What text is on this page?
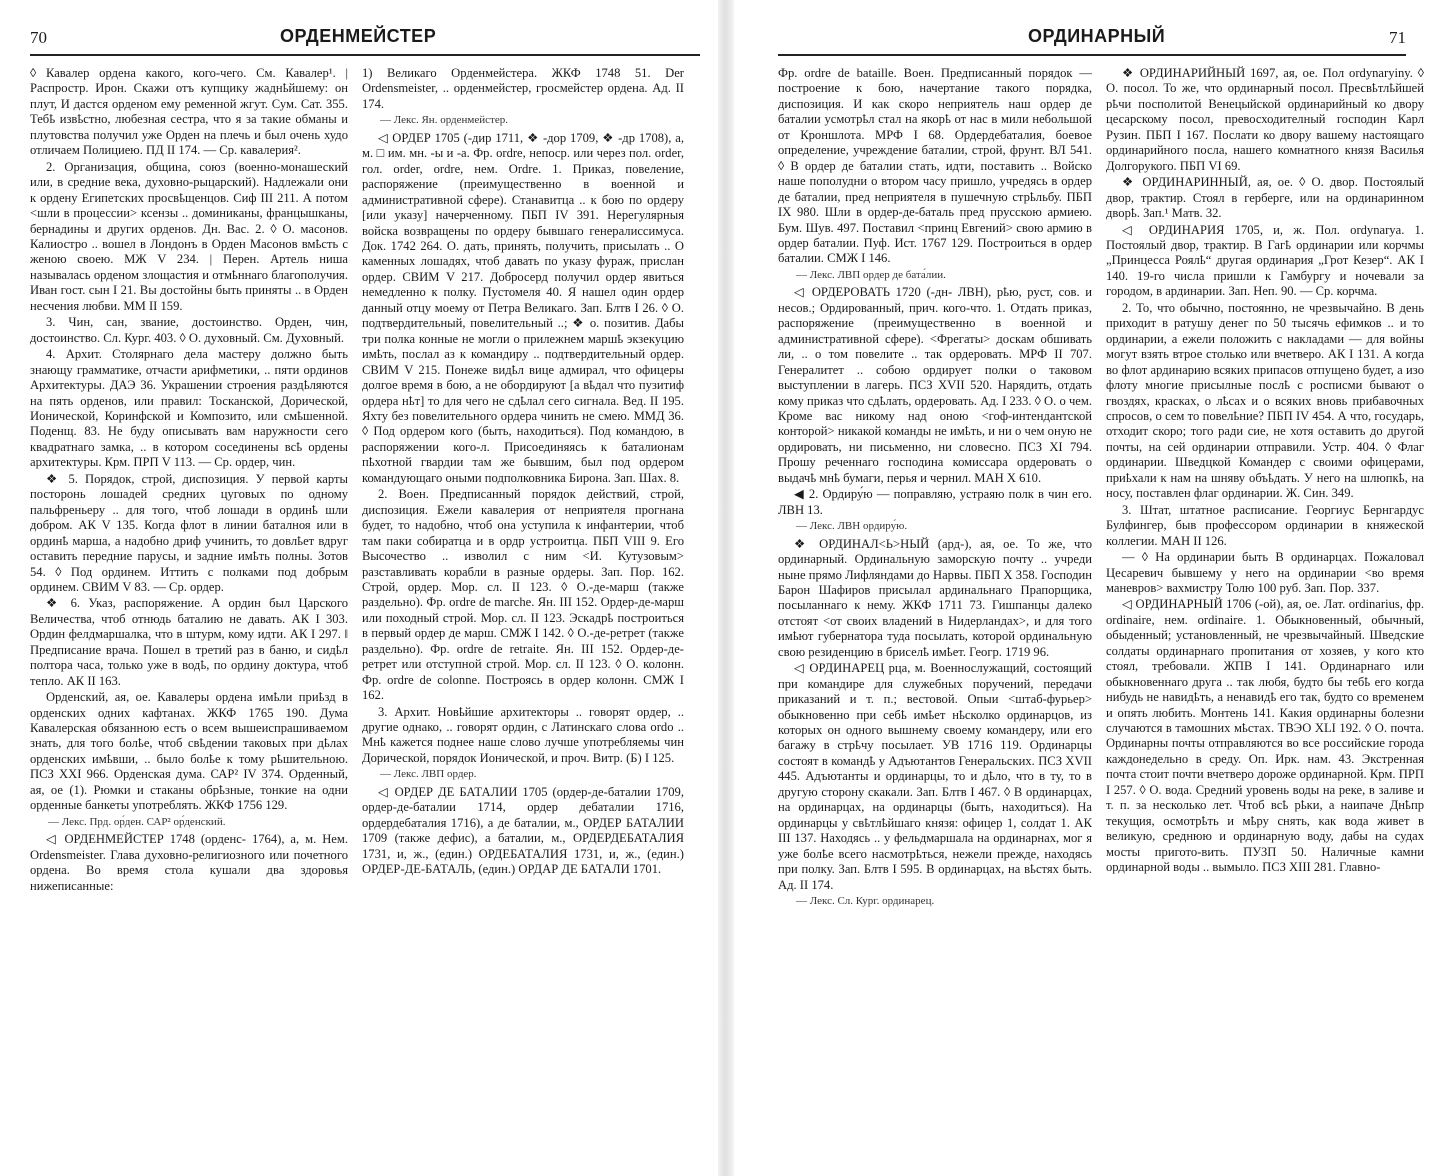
70	ОРДЕНМЕЙСТЕР

◊ Кавалер ордена какого, кого-чего. См. Кавалер¹. | Распростр. Ирон. Скажи отъ купщику жаднҍйшему: он плут, И дастся орденом ему ременной жгут. Сум. Сат. 355. Тебҍ извҍстно, любезная сестра, что я за такие обманы и плутовства получил уже Орден на плечь и был очень худо отличаем Полициею. ПД II 174. — Ср. кавалерия².

2. Организация, община, союз (военно-монашеский или, в средние века, духовно-рыцарский). Надлежали они к ордену Египетских просвҍщенцов. Сиф III 211. А потом <шли в процессии> ксензы .. доминиканы, францышканы, бернадины и других орденов. Дн. Вас. 2. ◊ О. масонов. Калиостро .. вошел в Лондонъ в Орден Масонов вмҍсть с женою своею. МЖ V 234. | Перен. Артель ниша называлась орденом злощастия и отмҍннаго благополучия. Иван гост. сын I 21. Вы достойны быть приняты .. в Орден несчения любви. ММ II 159.

3. Чин, сан, звание, достоинство. Орден, чин, достоинство. Сл. Кург. 403. ◊ О. духовный. См. Духовный.

4. Архит. Столярнаго дела мастеру должно быть знающу грамматике, отчасти арифметики, .. пяти ординов Архитектуры. ДАЭ 36. Украшении строения раздҍляются на пять орденов, или правил: Тосканской, Дорической, Ионической, Коринфской и Композито, или смҍшенной. Поденщ. 83. Не буду описывать вам наружности сего квадратнаго замка, .. в котором сосединены всҍ ордены архитектуры. Крм. ПРП V 113. — Ср. ордер, чин.

❖ 5. Порядок, строй, диспозиция. У первой карты посторонь лошадей средних цуговых по одному пальфреньеру .. для того, чтоб лошади в ординҍ шли добром. АК V 135. Когда флот в линии баталноя или в ординҍ марша, а надобно дриф учинить, то довлҍет вдруг оставить передние парусы, и задние имҍть полны. Зотов 54. ◊ Под ординем. Иттить с полками под добрым ординем. СВИМ V 83. — Ср. ордер.

❖ 6. Указ, распоряжение. А ордин был Царского Величества, чтоб отнюдь баталию не давать. АК I 303. Ордин фелдмаршалка, что в штурм, кому идти. АК I 297. ‖ Предписание врача. Пошел в третий раз в баню, и сидҍл полтора часа, только уже в водҍ, по ордину доктура, чтоб тепло. АК II 163.

Орденский, ая, ое. Кавалеры ордена имҍли приҍзд в орденских одних кафтанах. ЖКФ 1765 190. Дума Кавалерская обязанною есть о всем вышеиспрашиваемом знать, для того болҍе, чтоб свҍдении таковых при дҍлах орденских имҍвши, .. было болҍе к тому рҍшительною. ПСЗ XXI 966. Орденская дума. САР² IV 374. Орденный, ая, ое (1). Рюмки и стаканы обрҍзные, тонкие на одни орденные банкеты употреблять. ЖКФ 1756 129.

— Лекс. Прд. ор́ден. САР² ор́денский.

◁ ОРДЕНМЕЙСТЕР 1748 (орденс- 1764), а, м. Нем. Ordensmeister. Глава духовно-религиозного или почетного ордена. Во время стола кушали два здоровья нижеписанные:

1) Великаго Орденмейстера. ЖКФ 1748 51. Der Ordensmeister, .. орденмейстер, гросмейстер ордена. Ад. II 174.

— Лекс. Ян. орденмейстер.

◁ ОРДЕР 1705 (-дир 1711, ❖ -дор 1709, ❖ -др 1708), а, м. □ им. мн. -ы и -а. Фр. ordre, непоср. или через пол. order, гол. order, ordre, нем. Ordre. 1. Приказ, повеление, распоряжение (преимущественно в военной и административной сфере). Станавитца .. к бою по ордеру [или указу] начерченному. ПБП IV 391. Нерегулярныя войска возвращены по ордеру бывшаго генералиссимуса. Док. 1742 264. О. дать, принять, получить, присылать .. О каменных лошадях, чтоб давать по указу фураж, прислан ордер. СВИМ V 217. Добросерд получил ордер явиться немедленно к полку. Пустомеля 40. Я нашел один ордер данный отцу моему от Петра Великаго. Зап. Блтв I 26. ◊ О. подтвердительный, повелительный ..; ❖ о. позитив. Дабы три полка конные не могли о прилежнем маршҍ экзекуцию имҍть, послал аз к командиру .. подтвердительный ордер. СВИМ V 215. Понеже видҍл вице адмирал, что офицеры долгое время в бою, а не обордируют [а вҍдал что пузитиф ордера нҍт] то для чего не сдҍлал сего сигнала. Вед. II 195. Яхту без повелительного ордера чинить не смею. ММД 36. ◊ Под ордером кого (быть, находиться). Под командою, в распоряжении кого-л. Присоединяясь к баталионам пҍхотной гвардии там же бывшим, был под ордером командующаго оными подполковника Бирона. Зап. Шах. 8.

2. Воен. Предписанный порядок действий, строй, диспозиция. Ежели кавалерия от неприятеля прогнана будет, то надобно, чтоб она уступила к инфантерии, чтоб там паки собиратца и в ордр устроитца. ПБП VIII 9. Его Высочество .. изволил с ним <И. Кутузовым> разставливать корабли в разные ордеры. Зап. Пор. 162. Строй, ордер. Мор. сл. II 123. ◊ О.-де-марш (также раздельно). Фр. ordre de marche. Ян. III 152. Ордер-де-марш или походный строй. Мор. сл. II 123. Эскадрҍ построиться в первый ордер де марш. СМЖ I 142. ◊ О.-де-ретрет (также раздельно). Фр. ordre de retraite. Ян. III 152. Ордер-де-ретрет или отступной строй. Мор. сл. II 123. ◊ О. колонн. Фр. ordre de colonne. Построясь в ордер колонн. СМЖ I 162.

3. Архит. Новҍйшие архитекторы .. говорят ордер, .. другие однако, .. говорят ордин, с Латинскаго слова ordo .. Мнҍ кажется поднее наше слово лучше употребляемы чин Дорической, порядок Ионической, и проч. Витр. (Б) I 125.

— Лекс. ЛВП ордер.

◁ ОРДЕР ДЕ БАТАЛИИ 1705 (ордер-де-баталии 1709, ордер-де-баталии 1714, ордер дебаталии 1716, ордердебаталия 1716), а де баталии, м., ОРДЕР БАТАЛИИ 1709 (также дефис), а баталии, м., ОРДЕРДЕБАТАЛИЯ 1731, и, ж., (един.) ОРДЕБАТАЛИЯ 1731, и, ж., (един.) ОРДЕР-ДЕ-БАТАЛЬ, (един.) ОРДАР ДЕ БАТАЛИ 1701.

ОРДИНАРНЫЙ	71

Фр. ordre de bataille. Воен. Предписанный порядок — построение к бою, начертание такого порядка, диспозиция. И как скоро неприятель наш ордер де баталии усмотрҍл стал на якорҍ от нас в мили небольшой от Кроншлота. МРФ I 68. Ордердебаталия, боевое определение, учреждение баталии, строй, фрунт. ВЛ 541. ◊ В ордер де баталии стать, идти, поставить .. Войско наше пополудни о втором часу пришло, учредясь в ордер де баталии, пред неприятеля в пушечную стрҍльбу. ПБП IX 980. Шли в ордер-де-баталь пред прусскою армиею. Бум. Шув. 497. Поставил <принц Евгений> свою армию в ордер баталии. Пуф. Ист. 1767 129. Построиться в ордер баталии. СМЖ I 146.

— Лекс. ЛВП ордер де бата́лии.

◁ ОРДЕРОВАТЬ 1720 (-дн- ЛВН), рҍю, руст, сов. и несов.; Ордированный, прич. кого-что. 1. Отдать приказ, распоряжение (преимущественно в военной и административной сфере). <Фрегаты> доскам обшивать ли, .. о том повелите .. так ордеровать. МРФ II 707. Генералитет .. собою ордирует полки о таковом выступлении в лагерь. ПСЗ XVII 520. Нарядить, отдать кому приказ что сдҍлать, ордеровать. Ад. I 233. ◊ О. о чем. Кроме вас никому над оною <гоф-интендантской конторой> никакой команды не имҍть, и ни о чем оную не ордировать, ни письменно, ни словесно. ПСЗ XI 794. Прошу реченнаго господина комиссара ордеровать о выдачҍ мнҍ бумаги, перья и чернил. МАН X 610.

◀ 2. Ордиру́ю — поправляю, устраяю полк в чин его. ЛВН 13.

— Лекс. ЛВН ордиру́ю.

❖ ОРДИНАЛ<Ь>НЫЙ (ард-), ая, ое. То же, что ординарный. Ординальную заморскую почту .. учреди ныне прямо Лифляндами до Нарвы. ПБП X 358. Господин Барон Шафиров присылал ардинальнаго Прапорщикa, посыланнаго к нему. ЖКФ 1711 73. Гишпанцы далеко отстоят <от своих владений в Нидерландах>, и для того имҍют губернатора туда посылать, которой ординальную свою резиденцию в бриселҍ имҍет. Геогр. 1719 96.

◁ ОРДИНАРЕЦ рца, м. Военнослужащий, состоящий при командире для служебных поручений, передачи приказаний и т. п.; вестовой. Опыи <штаб-фурьер> обыкновенно при себҍ имҍет нҍсколко ординарцов, из которых он одного вышнему своему командеру, или его багажу в стрҍчу посылает. УВ 1716 119. Ординарцы состоят в командҍ у Адъютантов Генеральских. ПСЗ XVII 445. Адъютанты и ординарцы, то и дҍло, что в ту, то в другую сторону скакали. Зап. Блтв I 467. ◊ В ординарцах, на ординарцах, на ординарцы (быть, находиться). На ординарцы у свҍтлҍйшаго князя: офицер 1, солдат 1. АК III 137. Находясь .. у фельдмаршала на ординарнах, мог я уже болҍе всего насмотрҍться, нежели прежде, находясь при полку. Зап. Блтв I 595. В ординарцах, на вҍстях быть. Ад. II 174.

— Лекс. Сл. Кург. ординарец.

❖ ОРДИНАРИЙНЫЙ 1697, ая, ое. Пол ordynaryiny. ◊ О. посол. То же, что ординарный посол. Пресвҍтлҍйшей рҍчи посполитой Венецыйской ординарийный ко двору цесарскому посол, превосходителный господин Карл Рузин. ПБП I 167. Послати ко двору вашему настоящаго ординарийного посла, нашего комнатного князя Василья Долгорукого. ПБП VI 69.

❖ ОРДИНАРИННЫЙ, ая, ое. ◊ О. двор. Постоялый двор, трактир. Стоял в герберге, или на ординаринном дворҍ. Зап.¹ Матв. 32.

◁ ОРДИНАРИЯ 1705, и, ж. Пол. ordynarya. 1. Постоялый двор, трактир. В Гагҍ ординарии или корчмы „Принцесса Роялҍ“ другая ординария „Грот Кезер“. АК I 140. 19-го числа пришли к Гамбургу и ночевали за городом, в ардинарии. Зап. Неп. 90. — Ср. корчма.

2. То, что обычно, постоянно, не чрезвычайно. В день приходит в ратушу денег по 50 тысячь ефимков .. и то ординарии, а ежели положить с накладами — для войны могут взять втрое столько или вчетверо. АК I 131. А когда во флот ардинарию всяких припасов отпущено будет, а изо флоту многие присылные послҍ с росписми бывают о гвоздях, красках, о лҍсах и о всяких вновь прибавочных спросов, о сем то повелҍние? ПБП IV 454. А что, государь, отходит скоро; того ради сие, не хотя оставить до другой почты, на сей ординарии отправили. Устр. 404. ◊ Флаг ординарии. Шведцкой Командер с своими офицерами, приҍхали к нам на шняву объҍдать. У него на шлюпкҍ, на носу, поставлен флаг ординарии. Ж. Син. 349.

3. Штат, штатное расписание. Георгиус Бернгардус Булфингер, быв профессором ординарии в княжеской коллегии. МАН II 126.

— ◊ На ординарии быть В ординарцах. Пожаловал Цесаревич бывшему у него на ординарии <во время маневров> вахмистру Толю 100 руб. Зап. Пор. 337.

◁ ОРДИНАРНЫЙ 1706 (-ой), ая, ое. Лат. ordinarius, фр. ordinaire, нем. ordinaire. 1. Обыкновенный, обычный, обыденный; установленный, не чрезвычайный. Шведские солдаты ординарнаго пропитания от хозяев, у кого кто стоял, требовали. ЖПВ I 141. Ординарнаго или обыкновеннаго друга .. так любя, будто бы тебҍ его когда нибудь не навидҍть, а ненавидҍ его так, будто со временем и опять любить. Монтень 141. Какия ординарны болезни случаются в тамошних мҍстах. ТВЭО XLI 192. ◊ О. почта. Ординарны почты отправляются во все российские города каждонедельно в среду. Оп. Ирк. нам. 43. Экстренная почта стоит почти вчетверо дороже ординарной. Крм. ПРП I 257. ◊ О. вода. Средний уровень воды на реке, в заливе и т. п. за несколько лет. Чтоб всҍ рҍки, а наипаче Днҍпр текущия, осмотрҍть и мҍру снять, как вода живет в великую, среднюю и ординарную воду, дабы на судах мосты пригото-вить. ПУЗП 50. Наличные камни ординарной воды .. вымыло. ПСЗ XIII 281. Главно-
